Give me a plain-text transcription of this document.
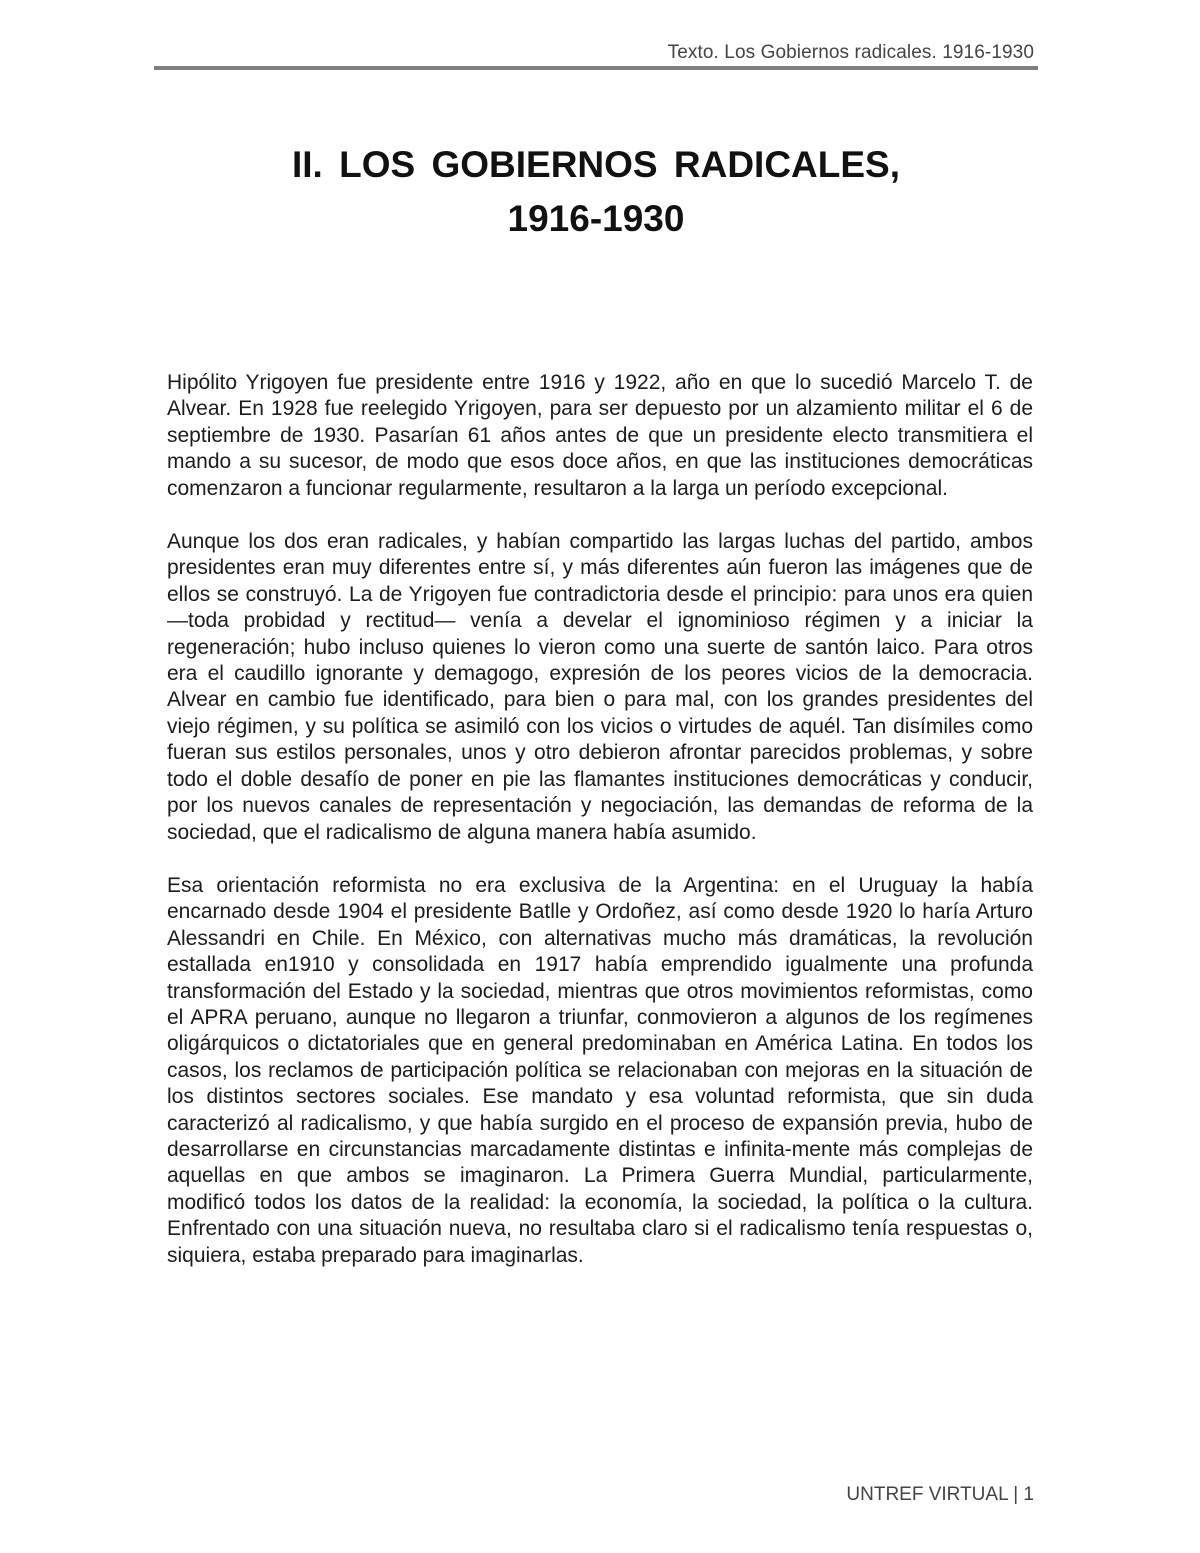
Texto. Los Gobiernos radicales. 1916-1930
II. LOS GOBIERNOS RADICALES,
1916-1930

Hipólito Yrigoyen fue presidente entre 1916 y 1922, año en que lo sucedió Marcelo T. de Alvear. En 1928 fue reelegido Yrigoyen, para ser depuesto por un alzamiento militar el 6 de septiembre de 1930. Pasarían 61 años antes de que un presidente electo transmitiera el mando a su sucesor, de modo que esos doce años, en que las instituciones democráticas comenzaron a funcionar regularmente, resultaron a la larga un período excepcional.

Aunque los dos eran radicales, y habían compartido las largas luchas del partido, ambos presidentes eran muy diferentes entre sí, y más diferentes aún fueron las imágenes que de ellos se construyó. La de Yrigoyen fue contradictoria desde el principio: para unos era quien —toda probidad y rectitud— venía a develar el ignominioso régimen y a iniciar la regeneración; hubo incluso quienes lo vieron como una suerte de santón laico. Para otros era el caudillo ignorante y demagogo, expresión de los peores vicios de la democracia. Alvear en cambio fue identificado, para bien o para mal, con los grandes presidentes del viejo régimen, y su política se asimiló con los vicios o virtudes de aquél. Tan disímiles como fueran sus estilos personales, unos y otro debieron afrontar parecidos problemas, y sobre todo el doble desafío de poner en pie las flamantes instituciones democráticas y conducir, por los nuevos canales de representación y negociación, las demandas de reforma de la sociedad, que el radicalismo de alguna manera había asumido.

Esa orientación reformista no era exclusiva de la Argentina: en el Uruguay la había encarnado desde 1904 el presidente Batlle y Ordoñez, así como desde 1920 lo haría Arturo Alessandri en Chile. En México, con alternativas mucho más dramáticas, la revolución estallada en1910 y consolidada en 1917 había emprendido igualmente una profunda transformación del Estado y la sociedad, mientras que otros movimientos reformistas, como el APRA peruano, aunque no llegaron a triunfar, conmovieron a algunos de los regímenes oligárquicos o dictatoriales que en general predominaban en América Latina. En todos los casos, los reclamos de participación política se relacionaban con mejoras en la situación de los distintos sectores sociales. Ese mandato y esa voluntad reformista, que sin duda caracterizó al radicalismo, y que había surgido en el proceso de expansión previa, hubo de desarrollarse en circunstancias marcadamente distintas e infinita-mente más complejas de aquellas en que ambos se imaginaron. La Primera Guerra Mundial, particularmente, modificó todos los datos de la realidad: la economía, la sociedad, la política o la cultura. Enfrentado con una situación nueva, no resultaba claro si el radicalismo tenía respuestas o, siquiera, estaba preparado para imaginarlas.

UNTREF VIRTUAL | 1
